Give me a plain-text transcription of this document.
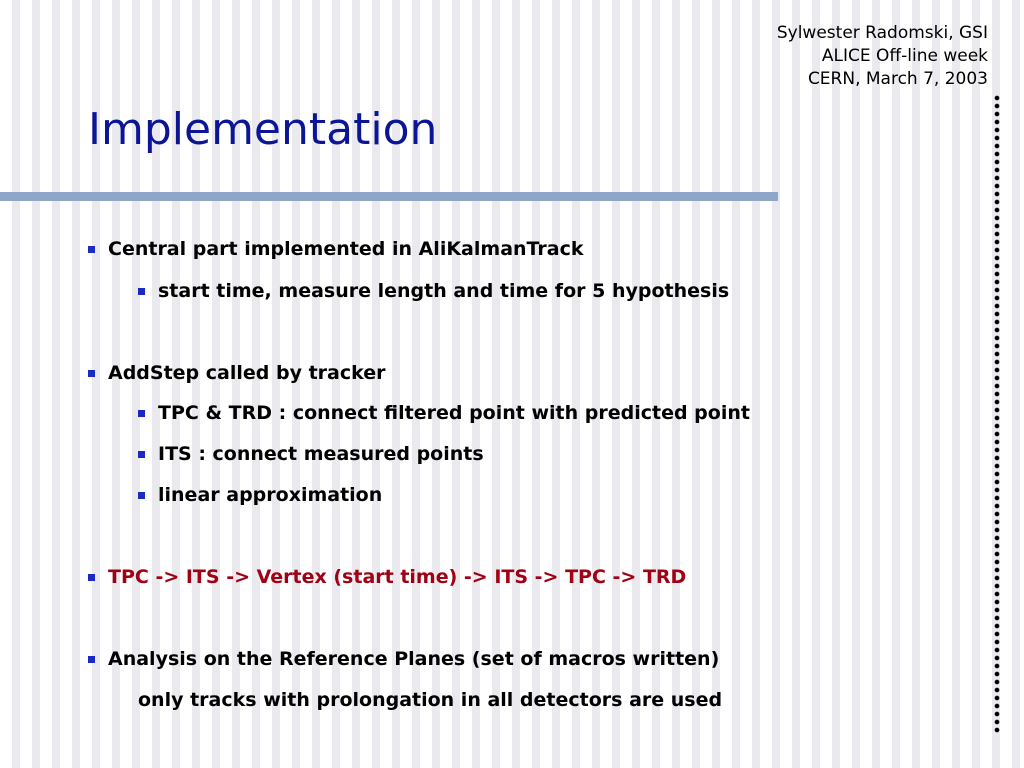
Sylwester Radomski, GSI
ALICE Off-line week
CERN, March 7, 2003
Implementation
Central part implemented in AliKalmanTrack
start time, measure length and time for 5 hypothesis
AddStep called by tracker
TPC & TRD : connect filtered point with predicted point
ITS : connect measured points
linear approximation
TPC -> ITS -> Vertex (start time) -> ITS -> TPC -> TRD
Analysis on the Reference Planes (set of macros written)
only tracks with prolongation in all detectors are used
